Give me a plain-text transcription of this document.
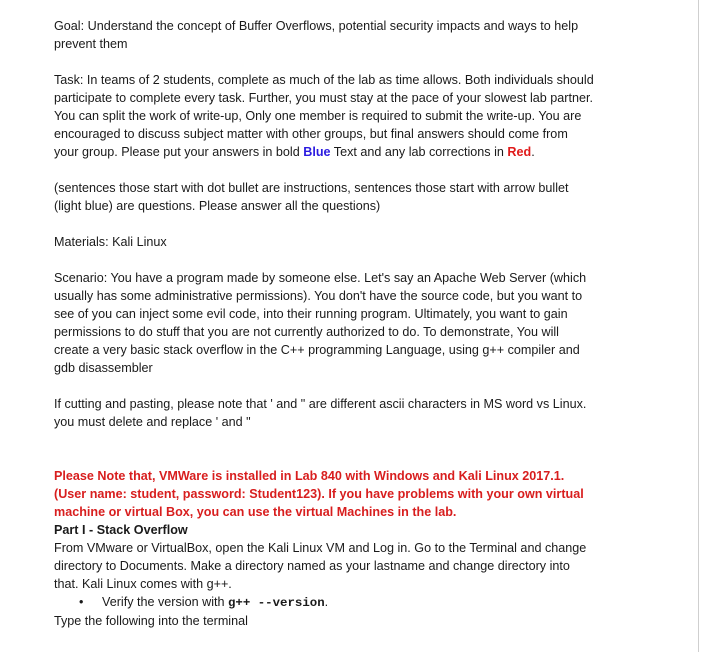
Goal: Understand the concept of Buffer Overflows, potential security impacts and ways to help prevent them

Task: In teams of 2 students, complete as much of the lab as time allows. Both individuals should participate to complete every task. Further, you must stay at the pace of your slowest lab partner. You can split the work of write-up, Only one member is required to submit the write-up. You are encouraged to discuss subject matter with other groups, but final answers should come from your group. Please put your answers in bold Blue Text and any lab corrections in Red.

(sentences those start with dot bullet are instructions, sentences those start with arrow bullet (light blue) are questions. Please answer all the questions)

Materials: Kali Linux

Scenario: You have a program made by someone else. Let's say an Apache Web Server (which usually has some administrative permissions). You don't have the source code, but you want to see of you can inject some evil code, into their running program. Ultimately, you want to gain permissions to do stuff that you are not currently authorized to do. To demonstrate, You will create a very basic stack overflow in the C++ programming Language, using g++ compiler and gdb disassembler

If cutting and pasting, please note that ' and " are different ascii characters in MS word vs Linux. you must delete and replace ' and "

Please Note that, VMWare is installed in Lab 840 with Windows and Kali Linux 2017.1. (User name: student, password: Student123). If you have problems with your own virtual machine or virtual Box, you can use the virtual Machines in the lab.

Part I - Stack Overflow

From VMware or VirtualBox, open the Kali Linux VM and Log in. Go to the Terminal and change directory to Documents. Make a directory named as your lastname and change directory into that. Kali Linux comes with g++.

• Verify the version with g++ --version.

Type the following into the terminal
